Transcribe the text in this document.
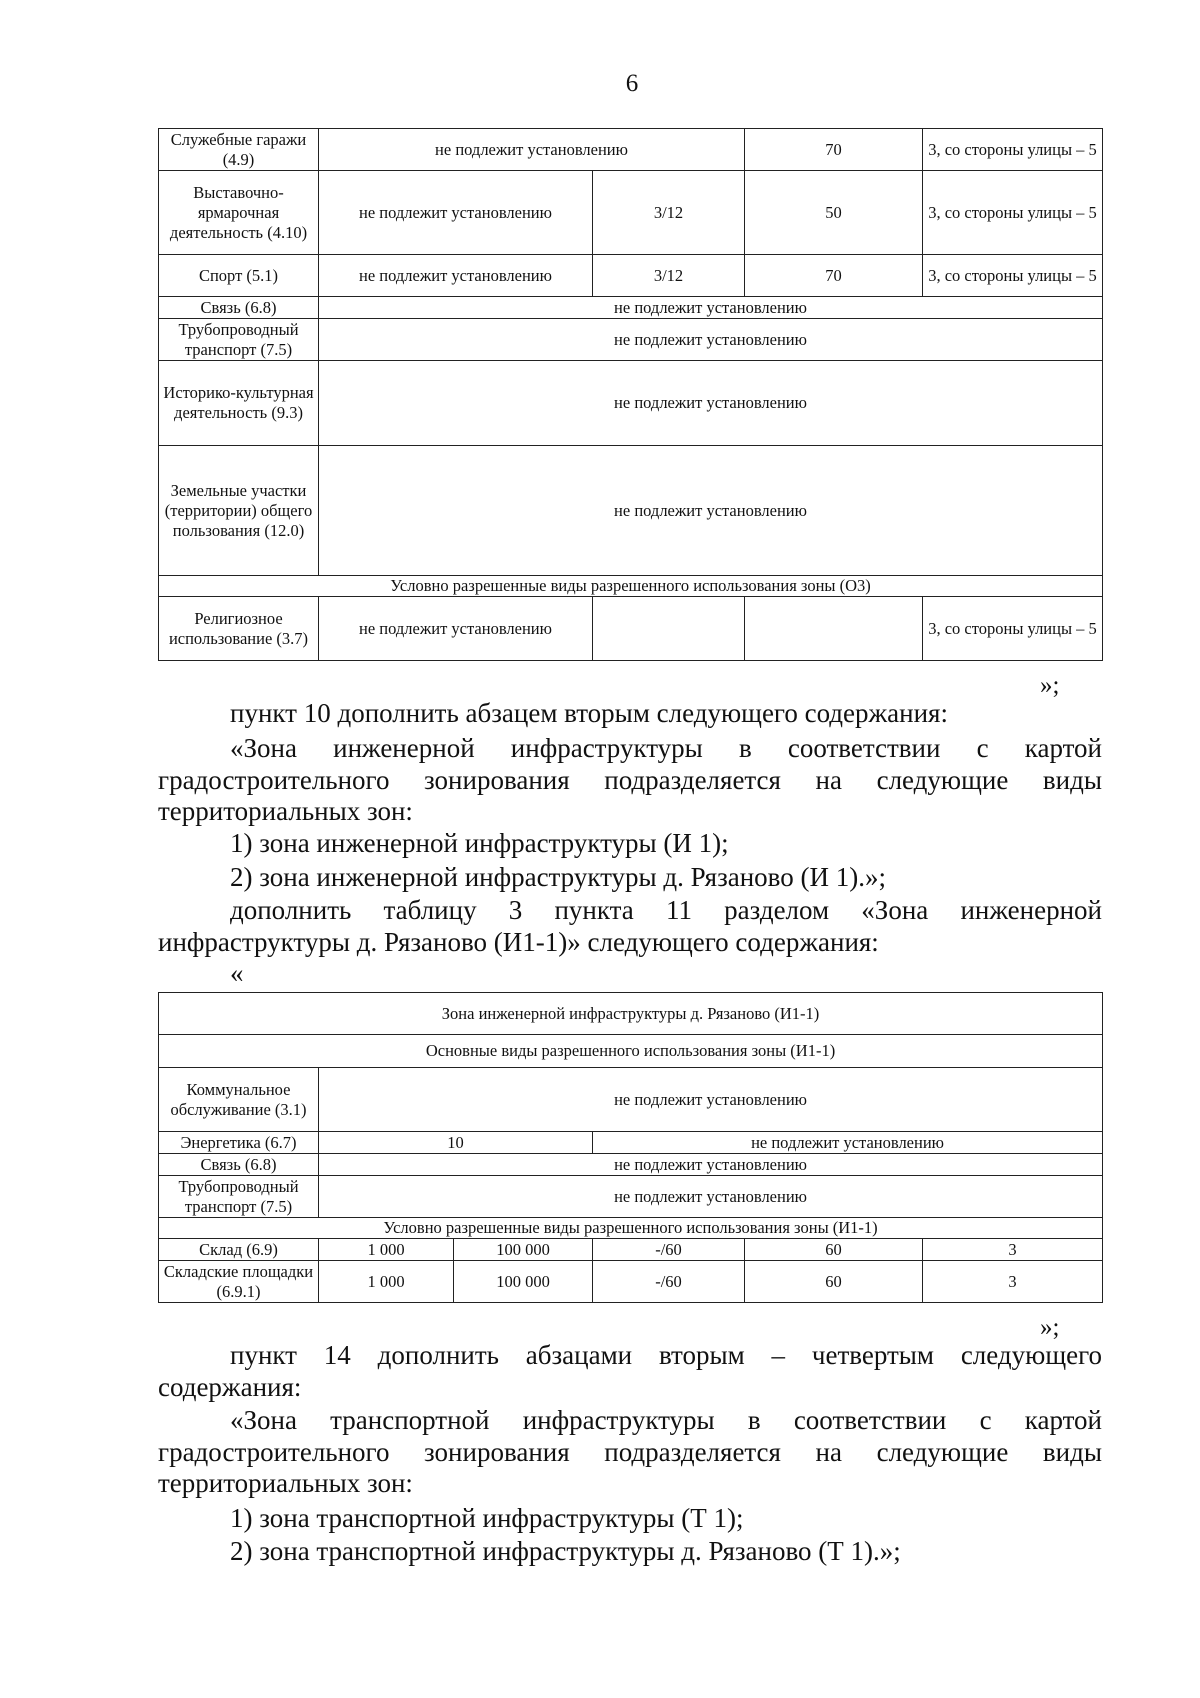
6
Служебные гаражи (4.9)	не подлежит установлению		70	3, со стороны улицы – 5
Выставочно-ярмарочная деятельность (4.10)	не подлежит установлению	3/12	50	3, со стороны улицы – 5
Спорт (5.1)	не подлежит установлению	3/12	70	3, со стороны улицы – 5
Связь (6.8)	не подлежит установлению			
Трубопроводный транспорт (7.5)	не подлежит установлению			
Историко-культурная деятельность (9.3)	не подлежит установлению			
Земельные участки (территории) общего пользования (12.0)	не подлежит установлению			
Условно разрешенные виды разрешенного использования зоны (О3)				
Религиозное использование (3.7)	не подлежит установлению			3, со стороны улицы – 5
»;

пункт 10 дополнить абзацем вторым следующего содержания:

«Зона инженерной инфраструктуры в соответствии с картой градостроительного зонирования подразделяется на следующие виды территориальных зон:

1) зона инженерной инфраструктуры (И 1);

2) зона инженерной инфраструктуры д. Рязаново (И 1).»;

дополнить таблицу 3 пункта 11 разделом «Зона инженерной инфраструктуры д. Рязаново (И1-1)» следующего содержания:

«
Зона инженерной инфраструктуры д. Рязаново (И1-1)					
Основные виды разрешенного использования зоны (И1-1)					
Коммунальное обслуживание (3.1)	не подлежит установлению				
Энергетика (6.7)	10		не подлежит установлению		
Связь (6.8)	не подлежит установлению				
Трубопроводный транспорт (7.5)	не подлежит установлению				
Условно разрешенные виды разрешенного использования зоны (И1-1)					
Склад (6.9)	1 000	100 000	-/60	60	3
Складские площадки (6.9.1)	1 000	100 000	-/60	60	3
»;

пункт 14 дополнить абзацами вторым – четвертым следующего содержания:

«Зона транспортной инфраструктуры в соответствии с картой градостроительного зонирования подразделяется на следующие виды территориальных зон:

1) зона транспортной инфраструктуры (Т 1);

2) зона транспортной инфраструктуры д. Рязаново (Т 1).»;
